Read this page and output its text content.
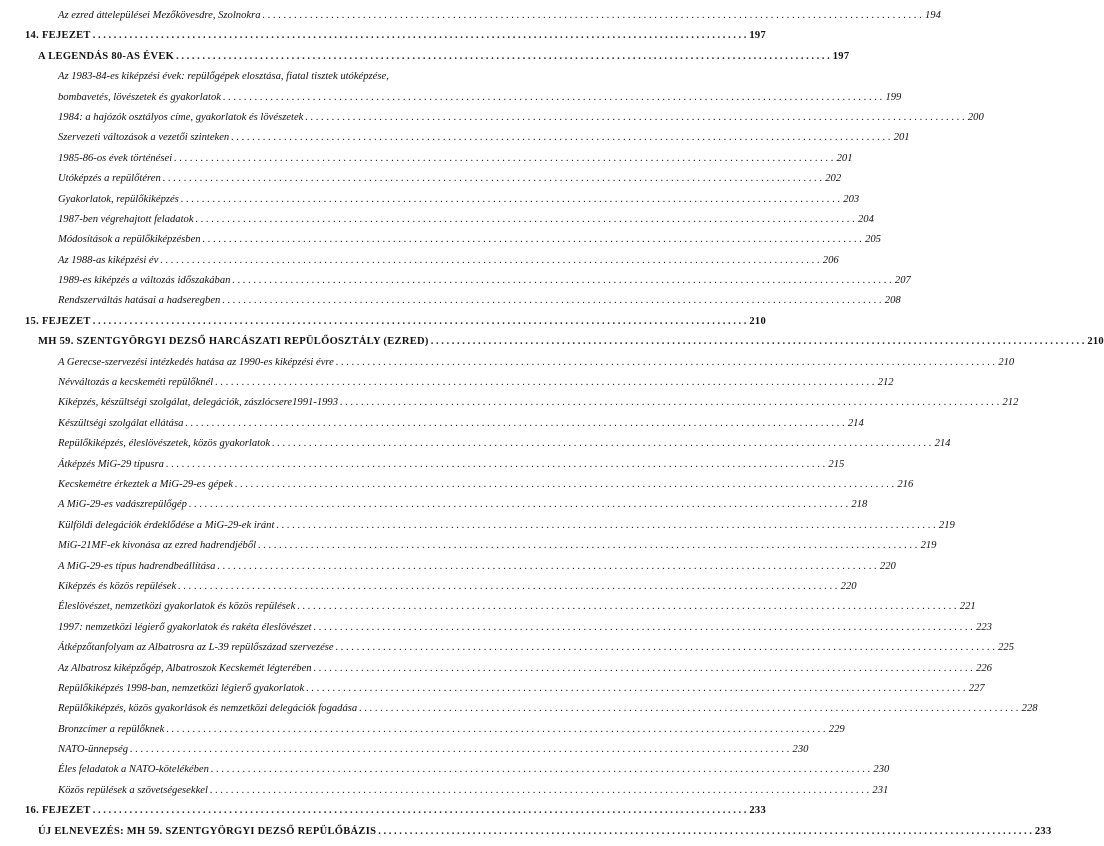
Az ezred áttelepülései Mezőkövesdre, Szolnokra . . .	194
14. FEJEZET . . .	197
A LEGENDÁS 80-AS ÉVEK . . .	197
Az 1983-84-es kiképzési évek: repülőgépek elosztása, fiatal tisztek utóképzése,
bombavetés, lövészetek és gyakorlatok . . .	199
1984: a hajózók osztályos címe, gyakorlatok és lövészetek . . .	200
Szervezeti változások a vezetői szinteken . . .	201
1985-86-os évek történései . . .	201
Utóképzés a repülőtéren . . .	202
Gyakorlatok, repülőkiképzés . . .	203
1987-ben végrehajtott feladatok . . .	204
Módosítások a repülőkiképzésben . . .	205
Az 1988-as kiképzési év . . .	206
1989-es kiképzés a változás időszakában . . .	207
Rendszerváltás hatásai a hadseregben . . .	208
15. FEJEZET . . .	210
MH 59. SZENTGYÖRGYI DEZSŐ HARCÁSZATI REPÜLŐOSZTÁLY (EZRED) . . .	210
A Gerecse-szervezési intézkedés hatása az 1990-es kiképzési évre . . .	210
Névváltozás a kecskeméti repülőknél . . .	212
Kiképzés, készültségi szolgálat, delegációk, zászlócsere1991-1993 . . .	212
Készültségi szolgálat ellátása . . .	214
Repülőkiképzés, éleslövészetek, közös gyakorlatok . . .	214
Átképzés MiG-29 típusra . . .	215
Kecskemétre érkeztek a MiG-29-es gépek . . .	216
A MiG-29-es vadászrepülőgép . . .	218
Külföldi delegációk érdeklődése a MiG-29-ek iránt . . .	219
MiG-21MF-ek kivonása az ezred hadrendjéből . . .	219
A MiG-29-es típus hadrendbeállítása . . .	220
Kiképzés és közös repülések . . .	220
Éleslövészet, nemzetközi gyakorlatok és közös repülések . . .	221
1997: nemzetközi légierő gyakorlatok és rakéta éleslövészet . . .	223
Átképzőtanfolyam az Albatrosra az L-39 repülőszázad szervezése . . .	225
Az Albatrosz kiképzőgép, Albatroszok Kecskemét légterében . . .	226
Repülőkiképzés 1998-ban, nemzetközi légierő gyakorlatok . . .	227
Repülőkiképzés, közös gyakorlások és nemzetközi delegációk fogadása . . .	228
Bronzcímer a repülőknek . . .	229
NATO-ünnepség . . .	230
Éles feladatok a NATO-kötelékében . . .	230
Közös repülések a szövetségesekkel . . .	231
16. FEJEZET . . .	233
ÚJ ELNEVEZÉS: MH 59. SZENTGYÖRGYI DEZSŐ REPÜLŐBÁZIS . . .	233
